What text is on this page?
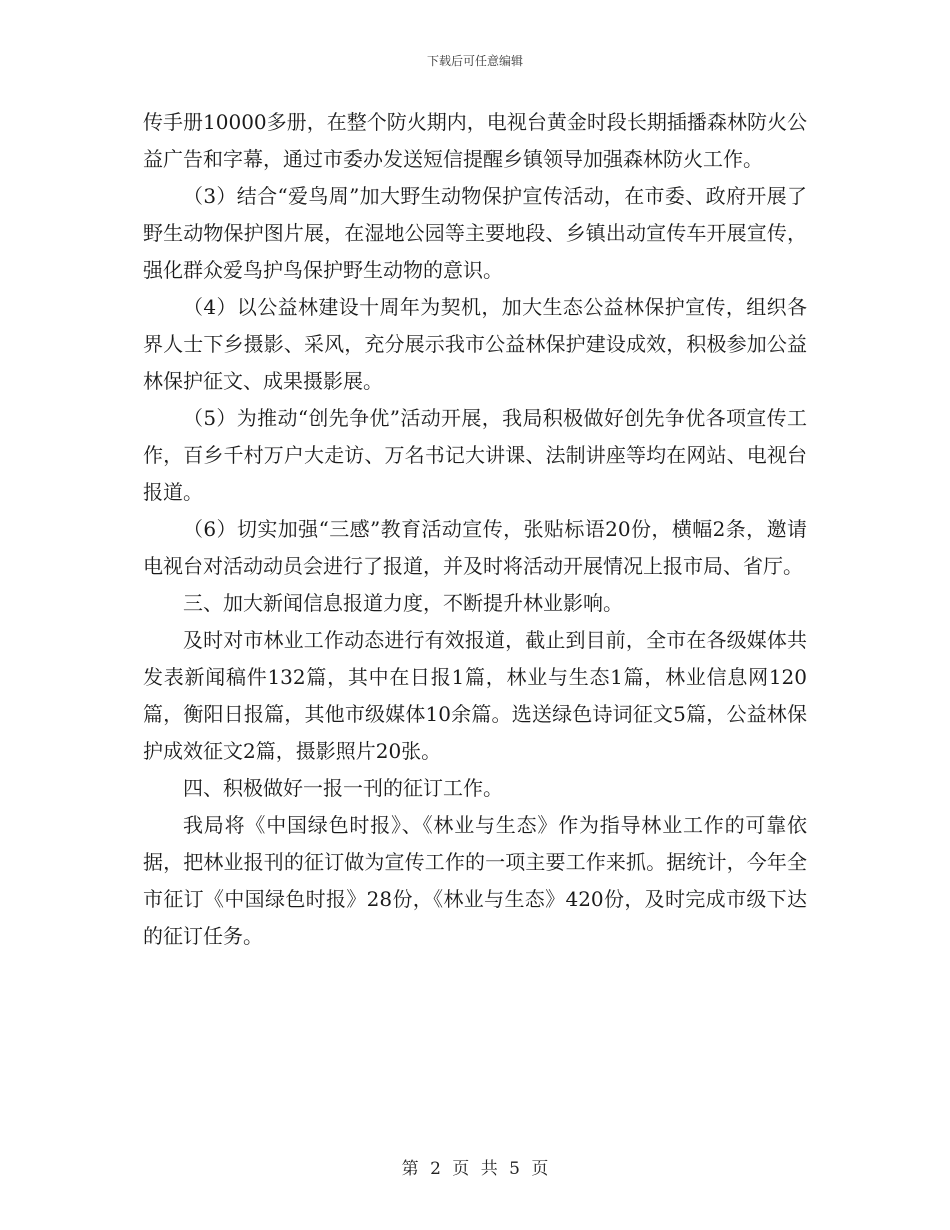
下载后可任意编辑

传手册10000多册，在整个防火期内，电视台黄金时段长期插播森林防火公益广告和字幕，通过市委办发送短信提醒乡镇领导加强森林防火工作。

（3）结合“爱鸟周”加大野生动物保护宣传活动，在市委、政府开展了野生动物保护图片展，在湿地公园等主要地段、乡镇出动宣传车开展宣传，强化群众爱鸟护鸟保护野生动物的意识。

（4）以公益林建设十周年为契机，加大生态公益林保护宣传，组织各界人士下乡摄影、采风，充分展示我市公益林保护建设成效，积极参加公益林保护征文、成果摄影展。

（5）为推动“创先争优”活动开展，我局积极做好创先争优各项宣传工作，百乡千村万户大走访、万名书记大讲课、法制讲座等均在网站、电视台报道。

（6）切实加强“三感”教育活动宣传，张贴标语20份，横幅2条，邀请电视台对活动动员会进行了报道，并及时将活动开展情况上报市局、省厅。

三、加大新闻信息报道力度，不断提升林业影响。

及时对市林业工作动态进行有效报道，截止到目前，全市在各级媒体共发表新闻稿件132篇，其中在日报1篇，林业与生态1篇，林业信息网120篇，衡阳日报篇，其他市级媒体10余篇。选送绿色诗词征文5篇，公益林保护成效征文2篇，摄影照片20张。

四、积极做好一报一刊的征订工作。

我局将《中国绿色时报》、《林业与生态》作为指导林业工作的可靠依据，把林业报刊的征订做为宣传工作的一项主要工作来抓。据统计，今年全市征订《中国绿色时报》28份，《林业与生态》420份，及时完成市级下达的征订任务。

第 2 页 共 5 页
